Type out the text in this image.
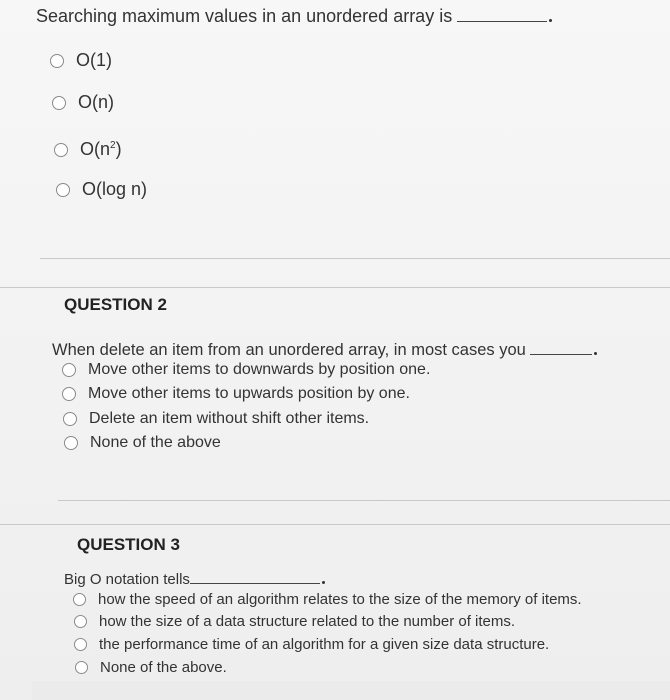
Searching maximum values in an unordered array is
O(1)
O(n)
$O(n^2)$
O(log n)
QUESTION 2
When delete an item from an unordered array, in most cases you
Move other items to downwards by position one.
Move other items to upwards position by one.
Delete an item without shift other items.
None of the above
QUESTION 3
Big O notation tells
how the speed of an algorithm relates to the size of the memory of items.
how the size of a data structure related to the number of items.
the performance time of an algorithm for a given size data structure.
None of the above.
